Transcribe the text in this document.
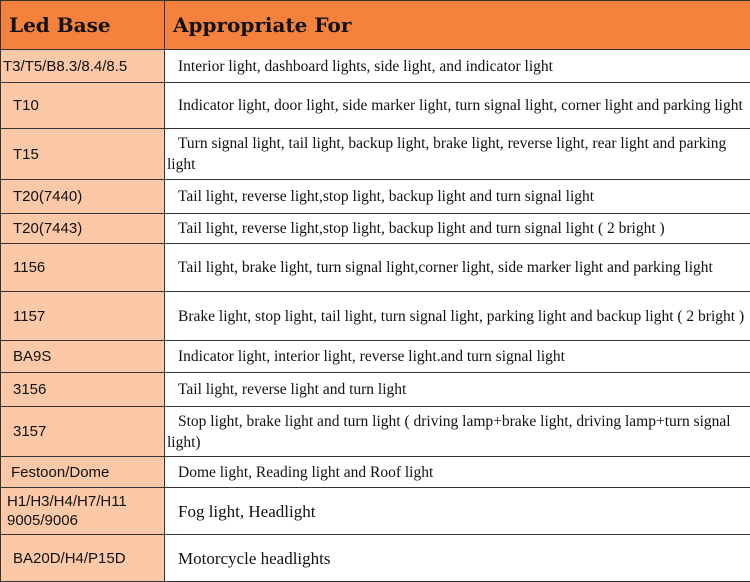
Led Base	Appropriate For
T3/T5/B8.3/8.4/8.5	Interior light, dashboard lights, side light, and indicator light

T10	Indicator light, door light, side marker light, turn signal light, corner light and parking light

T15	Turn signal light, tail light, backup light, brake light, reverse light, rear light and parking light

T20(7440)	Tail light, reverse light,stop light, backup light and turn signal light

T20(7443)	Tail light, reverse light,stop light, backup light and turn signal light ( 2 bright )

1156	Tail light, brake light, turn signal light,corner light, side marker light and parking light

1157	Brake light, stop light, tail light, turn signal light, parking light and backup light ( 2 bright )

BA9S	Indicator light, interior light, reverse light.and turn signal light

3156	Tail light, reverse light and turn light

3157	Stop light, brake light and turn light ( driving lamp+brake light, driving lamp+turn signal light)

Festoon/Dome	Dome light, Reading light and Roof light

H1/H3/H4/H7/H11 9005/9006	Fog light, Headlight

BA20D/H4/P15D	Motorcycle headlights
